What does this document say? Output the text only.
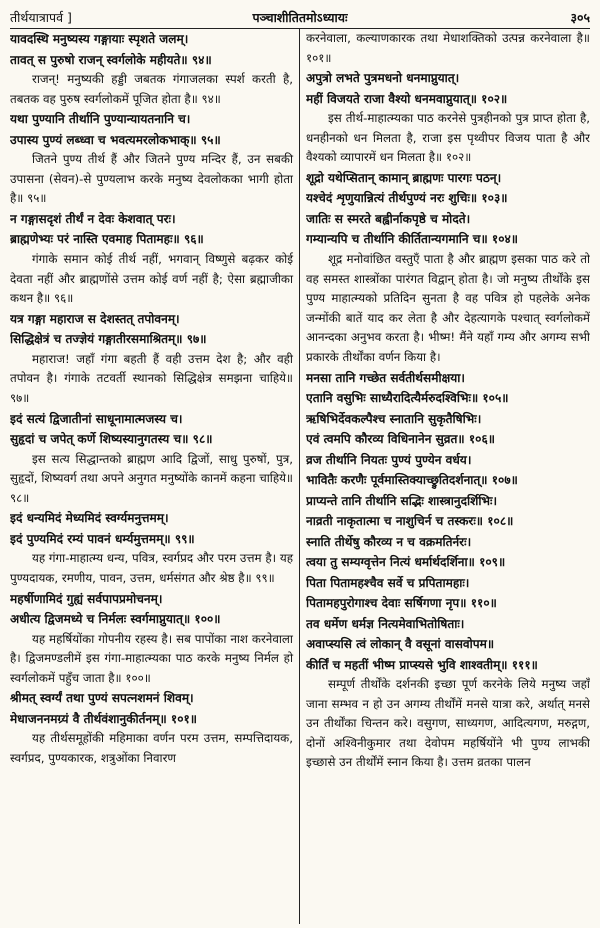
तीर्थयात्रापर्व ]	पञ्चाशीतितमोऽध्यायः	३०५

यावदस्थि मनुष्यस्य गङ्गायाः स्पृशते जलम्।

तावत् स पुरुषो राजन् स्वर्गलोके महीयते॥ ९४॥

राजन्! मनुष्यकी हड्डी जबतक गंगाजलका स्पर्श करती है, तबतक वह पुरुष स्वर्गलोकमें पूजित होता है॥ ९४॥

यथा पुण्यानि तीर्थानि पुण्यान्यायतनानि च।

उपास्य पुण्यं लब्ध्वा च भवत्यमरलोकभाक्॥ ९५॥

जितने पुण्य तीर्थ हैं और जितने पुण्य मन्दिर हैं, उन सबकी उपासना (सेवन)-से पुण्यलाभ करके मनुष्य देवलोकका भागी होता है॥ ९५॥

न गङ्गासदृशं तीर्थं न देवः केशवात् परः।

ब्राह्मणेभ्यः परं नास्ति एवमाह पितामहः॥ ९६॥

गंगाके समान कोई तीर्थ नहीं, भगवान् विष्णुसे बढ़कर कोई देवता नहीं और ब्राह्मणोंसे उत्तम कोई वर्ण नहीं है; ऐसा ब्रह्माजीका कथन है॥ ९६॥

यत्र गङ्गा महाराज स देशस्तत् तपोवनम्।

सिद्धिक्षेत्रं च तज्ज्ञेयं गङ्गातीरसमाश्रितम्॥ ९७॥

महाराज! जहाँ गंगा बहती हैं वही उत्तम देश है; और वही तपोवन है। गंगाके तटवर्ती स्थानको सिद्धिक्षेत्र समझना चाहिये॥ ९७॥

इदं सत्यं द्विजातीनां साधूनामात्मजस्य च।

सुहृदां च जपेत् कर्णे शिष्यस्यानुगतस्य च॥ ९८॥

इस सत्य सिद्धान्तको ब्राह्मण आदि द्विजों, साधु पुरुषों, पुत्र, सुहृदों, शिष्यवर्ग तथा अपने अनुगत मनुष्योंके कानमें कहना चाहिये॥ ९८॥

इदं धन्यमिदं मेध्यमिदं स्वर्ग्यमनुत्तमम्।

इदं पुण्यमिदं रम्यं पावनं धर्म्यमुत्तमम्॥ ९९॥

यह गंगा-माहात्म्य धन्य, पवित्र, स्वर्गप्रद और परम उत्तम है। यह पुण्यदायक, रमणीय, पावन, उत्तम, धर्मसंगत और श्रेष्ठ है॥ ९९॥

महर्षीणामिदं गुह्यं सर्वपापप्रमोचनम्।

अधीत्य द्विजमध्ये च निर्मलः स्वर्गमाप्नुयात्॥ १००॥

यह महर्षियोंका गोपनीय रहस्य है। सब पापोंका नाश करनेवाला है। द्विजमण्डलीमें इस गंगा-माहात्म्यका पाठ करके मनुष्य निर्मल हो स्वर्गलोकमें पहुँच जाता है॥ १००॥

श्रीमत् स्वर्ग्यं तथा पुण्यं सपत्नशमनं शिवम्।

मेधाजननमग्र्यं वै तीर्थवंशानुकीर्तनम्॥ १०१॥

यह तीर्थसमूहोंकी महिमाका वर्णन परम उत्तम, सम्पत्तिदायक, स्वर्गप्रद, पुण्यकारक, शत्रुओंका निवारण

करनेवाला, कल्याणकारक तथा मेधाशक्तिको उत्पन्न करनेवाला है॥ १०१॥

अपुत्रो लभते पुत्रमधनो धनमाप्नुयात्।

महीं विजयते राजा वैश्यो धनमवाप्नुयात्॥ १०२॥

इस तीर्थ-माहात्म्यका पाठ करनेसे पुत्रहीनको पुत्र प्राप्त होता है, धनहीनको धन मिलता है, राजा इस पृथ्वीपर विजय पाता है और वैश्यको व्यापारमें धन मिलता है॥ १०२॥

शूद्रो यथेप्सितान् कामान् ब्राह्मणः पारगः पठन्।

यश्चेदं शृणुयान्नित्यं तीर्थपुण्यं नरः शुचिः॥ १०३॥

जातिः स स्मरते बह्वीर्नाकपृष्ठे च मोदते।

गम्यान्यपि च तीर्थानि कीर्तितान्यगमानि च॥ १०४॥

शूद्र मनोवांछित वस्तुएँ पाता है और ब्राह्मण इसका पाठ करे तो वह समस्त शास्त्रोंका पारंगत विद्वान् होता है। जो मनुष्य तीर्थोंके इस पुण्य माहात्म्यको प्रतिदिन सुनता है वह पवित्र हो पहलेके अनेक जन्मोंकी बातें याद कर लेता है और देहत्यागके पश्चात् स्वर्गलोकमें आनन्दका अनुभव करता है। भीष्म! मैंने यहाँ गम्य और अगम्य सभी प्रकारके तीर्थोंका वर्णन किया है।

मनसा तानि गच्छेत सर्वतीर्थसमीक्षया।

एतानि वसुभिः साध्यैरादित्यैर्मरुदश्विभिः॥ १०५॥

ऋषिभिर्देवकल्पैश्च स्नातानि सुकृतैषिभिः।

एवं त्वमपि कौरव्य विधिनानेन सुव्रत॥ १०६॥

व्रज तीर्थानि नियतः पुण्यं पुण्येन वर्धय।

भावितैः करणैः पूर्वमास्तिक्याच्छ्रुतिदर्शनात्॥ १०७॥

प्राप्यन्ते तानि तीर्थानि सद्भिः शास्त्रानुदर्शिभिः।

नाव्रती नाकृतात्मा च नाशुचिर्न च तस्करः॥ १०८॥

स्नाति तीर्थेषु कौरव्य न च वक्रमतिर्नरः।

त्वया तु सम्यग्वृत्तेन नित्यं धर्मार्थदर्शिना॥ १०९॥

पिता पितामहश्चैव सर्वे च प्रपितामहाः।

पितामहपुरोगाश्च देवाः सर्षिगणा नृप॥ ११०॥

तव धर्मेण धर्मज्ञ नित्यमेवाभितोषिताः।

अवाप्स्यसि त्वं लोकान् वै वसूनां वासवोपम॥

कीर्तिं च महतीं भीष्म प्राप्स्यसे भुवि शाश्वतीम्॥ १११॥

सम्पूर्ण तीर्थोंके दर्शनकी इच्छा पूर्ण करनेके लिये मनुष्य जहाँ जाना सम्भव न हो उन अगम्य तीर्थोंमें मनसे यात्रा करे, अर्थात् मनसे उन तीर्थोंका चिन्तन करे। वसुगण, साध्यगण, आदित्यगण, मरुद्गण, दोनों अश्विनीकुमार तथा देवोपम महर्षियोंने भी पुण्य लाभकी इच्छासे उन तीर्थोंमें स्नान किया है। उत्तम व्रतका पालन
